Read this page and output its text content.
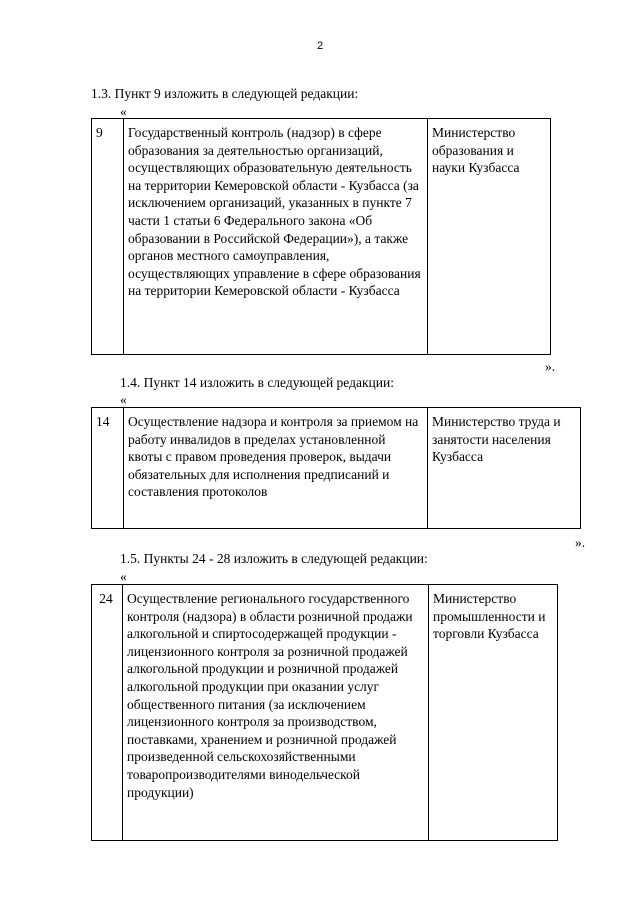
2
1.3. Пункт 9 изложить в следующей редакции:
«
9	Государственный контроль (надзор) в сфере образования за деятельностью организаций, осуществляющих образовательную деятельность на территории Кемеровской области - Кузбасса (за исключением организаций, указанных в пункте 7 части 1 статьи 6 Федерального закона «Об образовании в Российской Федерации»), а также органов местного самоуправления, осуществляющих управление в сфере образования на территории Кемеровской области - Кузбасса	Министерство образования и науки Кузбасса
».
1.4. Пункт 14 изложить в следующей редакции:
«
14	Осуществление надзора и контроля за приемом на работу инвалидов в пределах установленной квоты с правом проведения проверок, выдачи обязательных для исполнения предписаний и составления протоколов	Министерство труда и занятости населения Кузбасса
».
1.5. Пункты 24 - 28 изложить в следующей редакции:
«
24	Осуществление регионального государственного контроля (надзора) в области розничной продажи алкогольной и спиртосодержащей продукции - лицензионного контроля за розничной продажей алкогольной продукции и розничной продажей алкогольной продукции при оказании услуг общественного питания (за исключением лицензионного контроля за производством, поставками, хранением и розничной продажей произведенной сельскохозяйственными товаропроизводителями винодельческой продукции)	Министерство промышленности и торговли Кузбасса
